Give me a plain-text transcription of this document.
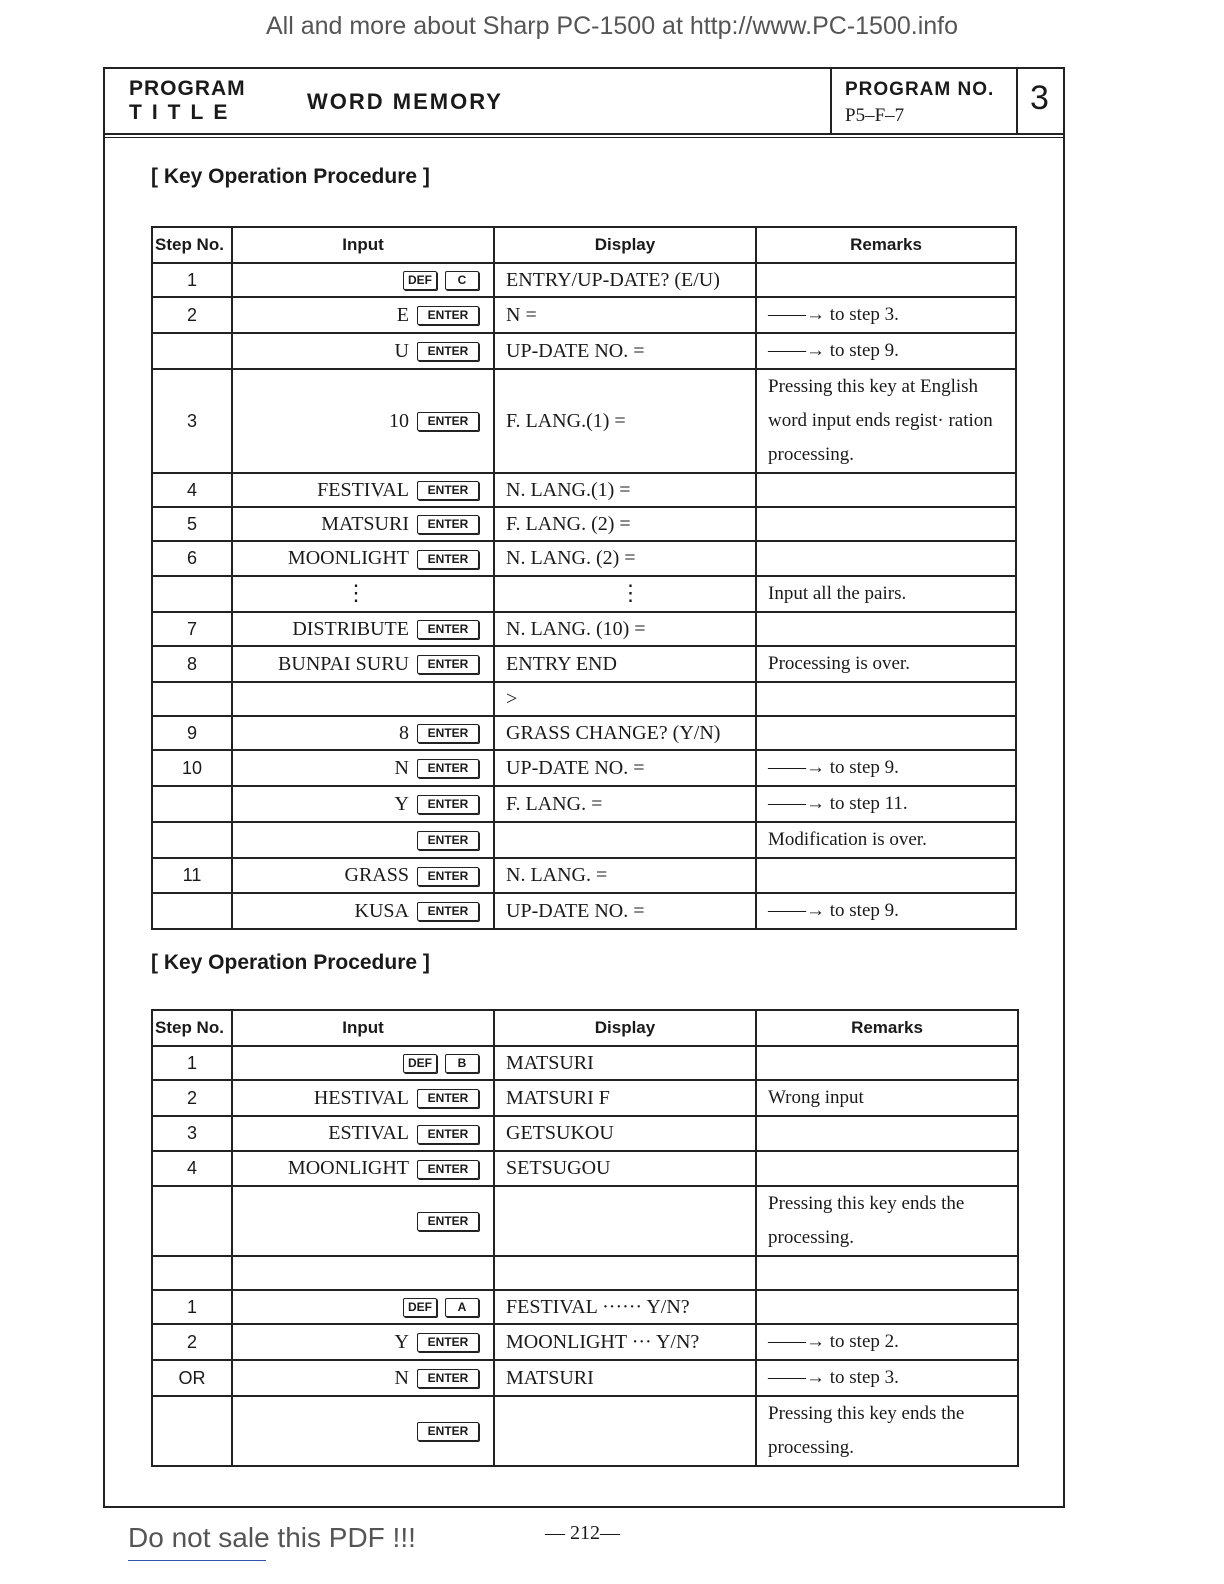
All and more about Sharp PC-1500 at http://www.PC-1500.info
PROGRAM
TITLE	WORD MEMORY	PROGRAM NO.
P5–F–7	3
[ Key Operation Procedure ]
Step No.	Input	Display	Remarks
1	DEF C	ENTRY/UP-DATE? (E/U)	
2	E ENTER	N =	——→ to step 3.
	U ENTER	UP-DATE NO. =	——→ to step 9.
3	10 ENTER	F. LANG.(1) =	Pressing this key at English word input ends regist· ration processing.
4	FESTIVAL ENTER	N. LANG.(1) =	
5	MATSURI ENTER	F. LANG. (2) =	
6	MOONLIGHT ENTER	N. LANG. (2) =	
	⋮	⋮	Input all the pairs.
7	DISTRIBUTE ENTER	N. LANG. (10) =	
8	BUNPAI SURU ENTER	ENTRY END	Processing is over.
		>	
9	8 ENTER	GRASS CHANGE? (Y/N)	
10	N ENTER	UP-DATE NO. =	——→ to step 9.
	Y ENTER	F. LANG. =	——→ to step 11.
	ENTER		Modification is over.
11	GRASS ENTER	N. LANG. =	
	KUSA ENTER	UP-DATE NO. =	——→ to step 9.
[ Key Operation Procedure ]
Step No.	Input	Display	Remarks
1	DEF B	MATSURI	
2	HESTIVAL ENTER	MATSURI F	Wrong input
3	ESTIVAL ENTER	GETSUKOU	
4	MOONLIGHT ENTER	SETSUGOU	
	ENTER		Pressing this key ends the processing.

1	DEF A	FESTIVAL ······ Y/N?	
2	Y ENTER	MOONLIGHT ··· Y/N?	——→ to step 2.
OR	N ENTER	MATSURI	——→ to step 3.
	ENTER		Pressing this key ends the processing.
Do not sale this PDF !!!	— 212—
